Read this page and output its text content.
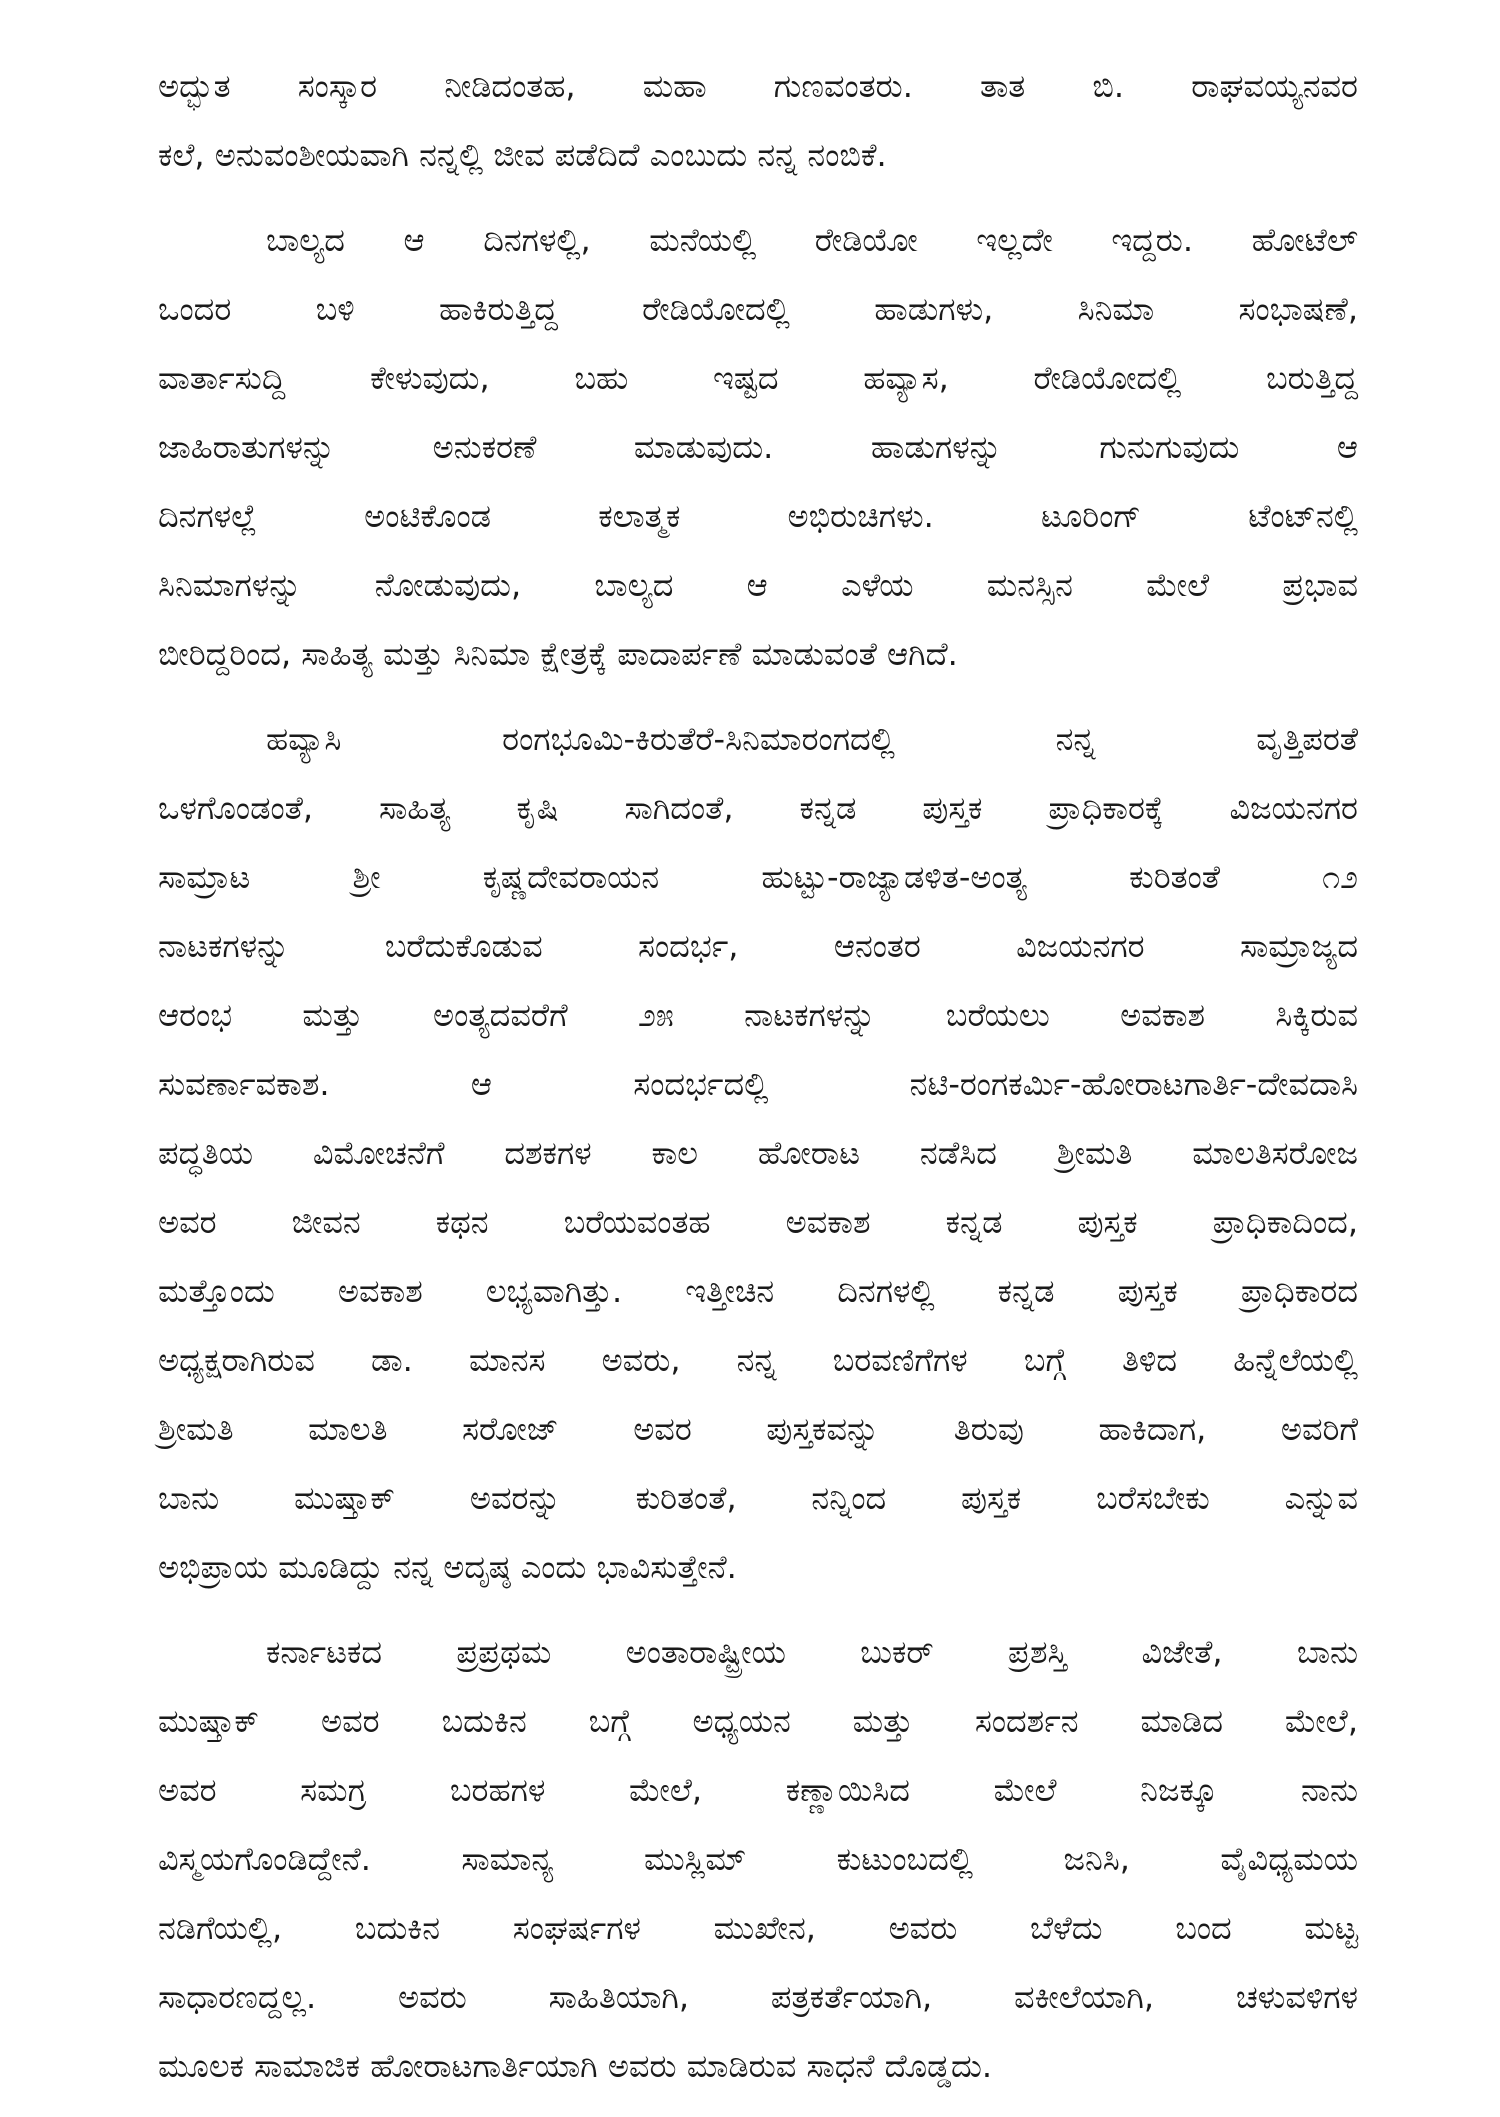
ಅದ್ಭುತ ಸಂಸ್ಕಾರ ನೀಡಿದಂತಹ, ಮಹಾ ಗುಣವಂತರು. ತಾತ ಬಿ. ರಾಘವಯ್ಯನವರ
ಕಲೆ, ಅನುವಂಶೀಯವಾಗಿ ನನ್ನಲ್ಲಿ ಜೀವ ಪಡೆದಿದೆ ಎಂಬುದು ನನ್ನ ನಂಬಿಕೆ.
ಬಾಲ್ಯದ ಆ ದಿನಗಳಲ್ಲಿ, ಮನೆಯಲ್ಲಿ ರೇಡಿಯೋ ಇಲ್ಲದೇ ಇದ್ದರು. ಹೋಟೆಲ್
ಒಂದರ ಬಳಿ ಹಾಕಿರುತ್ತಿದ್ದ ರೇಡಿಯೋದಲ್ಲಿ ಹಾಡುಗಳು, ಸಿನಿಮಾ ಸಂಭಾಷಣೆ,
ವಾರ್ತಾಸುದ್ದಿ ಕೇಳುವುದು, ಬಹು ಇಷ್ಟದ ಹವ್ಯಾಸ, ರೇಡಿಯೋದಲ್ಲಿ ಬರುತ್ತಿದ್ದ
ಜಾಹಿರಾತುಗಳನ್ನು ಅನುಕರಣೆ ಮಾಡುವುದು. ಹಾಡುಗಳನ್ನು ಗುನುಗುವುದು ಆ
ದಿನಗಳಲ್ಲೆ ಅಂಟಿಕೊಂಡ ಕಲಾತ್ಮಕ ಅಭಿರುಚಿಗಳು. ಟೂರಿಂಗ್ ಟೆಂಟ್‌ನಲ್ಲಿ
ಸಿನಿಮಾಗಳನ್ನು ನೋಡುವುದು, ಬಾಲ್ಯದ ಆ ಎಳೆಯ ಮನಸ್ಸಿನ ಮೇಲೆ ಪ್ರಭಾವ
ಬೀರಿದ್ದರಿಂದ, ಸಾಹಿತ್ಯ ಮತ್ತು ಸಿನಿಮಾ ಕ್ಷೇತ್ರಕ್ಕೆ ಪಾದಾರ್ಪಣೆ ಮಾಡುವಂತೆ ಆಗಿದೆ.
ಹವ್ಯಾಸಿ ರಂಗಭೂಮಿ-ಕಿರುತೆರೆ-ಸಿನಿಮಾರಂಗದಲ್ಲಿ ನನ್ನ ವೃತ್ತಿಪರತೆ
ಒಳಗೊಂಡಂತೆ, ಸಾಹಿತ್ಯ ಕೃಷಿ ಸಾಗಿದಂತೆ, ಕನ್ನಡ ಪುಸ್ತಕ ಪ್ರಾಧಿಕಾರಕ್ಕೆ ವಿಜಯನಗರ
ಸಾಮ್ರಾಟ ಶ್ರೀ ಕೃಷ್ಣದೇವರಾಯನ ಹುಟ್ಟು-ರಾಜ್ಯಾಡಳಿತ-ಅಂತ್ಯ ಕುರಿತಂತೆ ೧೨
ನಾಟಕಗಳನ್ನು ಬರೆದುಕೊಡುವ ಸಂದರ್ಭ, ಆನಂತರ ವಿಜಯನಗರ ಸಾಮ್ರಾಜ್ಯದ
ಆರಂಭ ಮತ್ತು ಅಂತ್ಯದವರೆಗೆ ೨೫ ನಾಟಕಗಳನ್ನು ಬರೆಯಲು ಅವಕಾಶ ಸಿಕ್ಕಿರುವ
ಸುವರ್ಣಾವಕಾಶ. ಆ ಸಂದರ್ಭದಲ್ಲಿ ನಟಿ-ರಂಗಕರ್ಮಿ-ಹೋರಾಟಗಾರ್ತಿ-ದೇವದಾಸಿ
ಪದ್ಧತಿಯ ವಿಮೋಚನೆಗೆ ದಶಕಗಳ ಕಾಲ ಹೋರಾಟ ನಡೆಸಿದ ಶ್ರೀಮತಿ ಮಾಲತಿಸರೋಜ
ಅವರ ಜೀವನ ಕಥನ ಬರೆಯವಂತಹ ಅವಕಾಶ ಕನ್ನಡ ಪುಸ್ತಕ ಪ್ರಾಧಿಕಾದಿಂದ,
ಮತ್ತೊಂದು ಅವಕಾಶ ಲಭ್ಯವಾಗಿತ್ತು. ಇತ್ತೀಚಿನ ದಿನಗಳಲ್ಲಿ ಕನ್ನಡ ಪುಸ್ತಕ ಪ್ರಾಧಿಕಾರದ
ಅಧ್ಯಕ್ಷರಾಗಿರುವ ಡಾ. ಮಾನಸ ಅವರು, ನನ್ನ ಬರವಣಿಗೆಗಳ ಬಗ್ಗೆ ತಿಳಿದ ಹಿನ್ನೆಲೆಯಲ್ಲಿ
ಶ್ರೀಮತಿ ಮಾಲತಿ ಸರೋಜ್ ಅವರ ಪುಸ್ತಕವನ್ನು ತಿರುವು ಹಾಕಿದಾಗ, ಅವರಿಗೆ
ಬಾನು ಮುಷ್ತಾಕ್ ಅವರನ್ನು ಕುರಿತಂತೆ, ನನ್ನಿಂದ ಪುಸ್ತಕ ಬರೆಸಬೇಕು ಎನ್ನುವ
ಅಭಿಪ್ರಾಯ ಮೂಡಿದ್ದು ನನ್ನ ಅದೃಷ್ಠ ಎಂದು ಭಾವಿಸುತ್ತೇನೆ.
ಕರ್ನಾಟಕದ ಪ್ರಪ್ರಥಮ ಅಂತಾರಾಷ್ಟ್ರೀಯ ಬುಕರ್ ಪ್ರಶಸ್ತಿ ವಿಜೇತೆ, ಬಾನು
ಮುಷ್ತಾಕ್ ಅವರ ಬದುಕಿನ ಬಗ್ಗೆ ಅಧ್ಯಯನ ಮತ್ತು ಸಂದರ್ಶನ ಮಾಡಿದ ಮೇಲೆ,
ಅವರ ಸಮಗ್ರ ಬರಹಗಳ ಮೇಲೆ, ಕಣ್ಣಾಯಿಸಿದ ಮೇಲೆ ನಿಜಕ್ಕೂ ನಾನು
ವಿಸ್ಮಯಗೊಂಡಿದ್ದೇನೆ. ಸಾಮಾನ್ಯ ಮುಸ್ಲಿಮ್ ಕುಟುಂಬದಲ್ಲಿ ಜನಿಸಿ, ವೈವಿಧ್ಯಮಯ
ನಡಿಗೆಯಲ್ಲಿ, ಬದುಕಿನ ಸಂಘರ್ಷಗಳ ಮುಖೇನ, ಅವರು ಬೆಳೆದು ಬಂದ ಮಟ್ಟ
ಸಾಧಾರಣದ್ದಲ್ಲ. ಅವರು ಸಾಹಿತಿಯಾಗಿ, ಪತ್ರಕರ್ತೆಯಾಗಿ, ವಕೀಲೆಯಾಗಿ, ಚಳುವಳಿಗಳ
ಮೂಲಕ ಸಾಮಾಜಿಕ ಹೋರಾಟಗಾರ್ತಿಯಾಗಿ ಅವರು ಮಾಡಿರುವ ಸಾಧನೆ ದೊಡ್ಡದು.
